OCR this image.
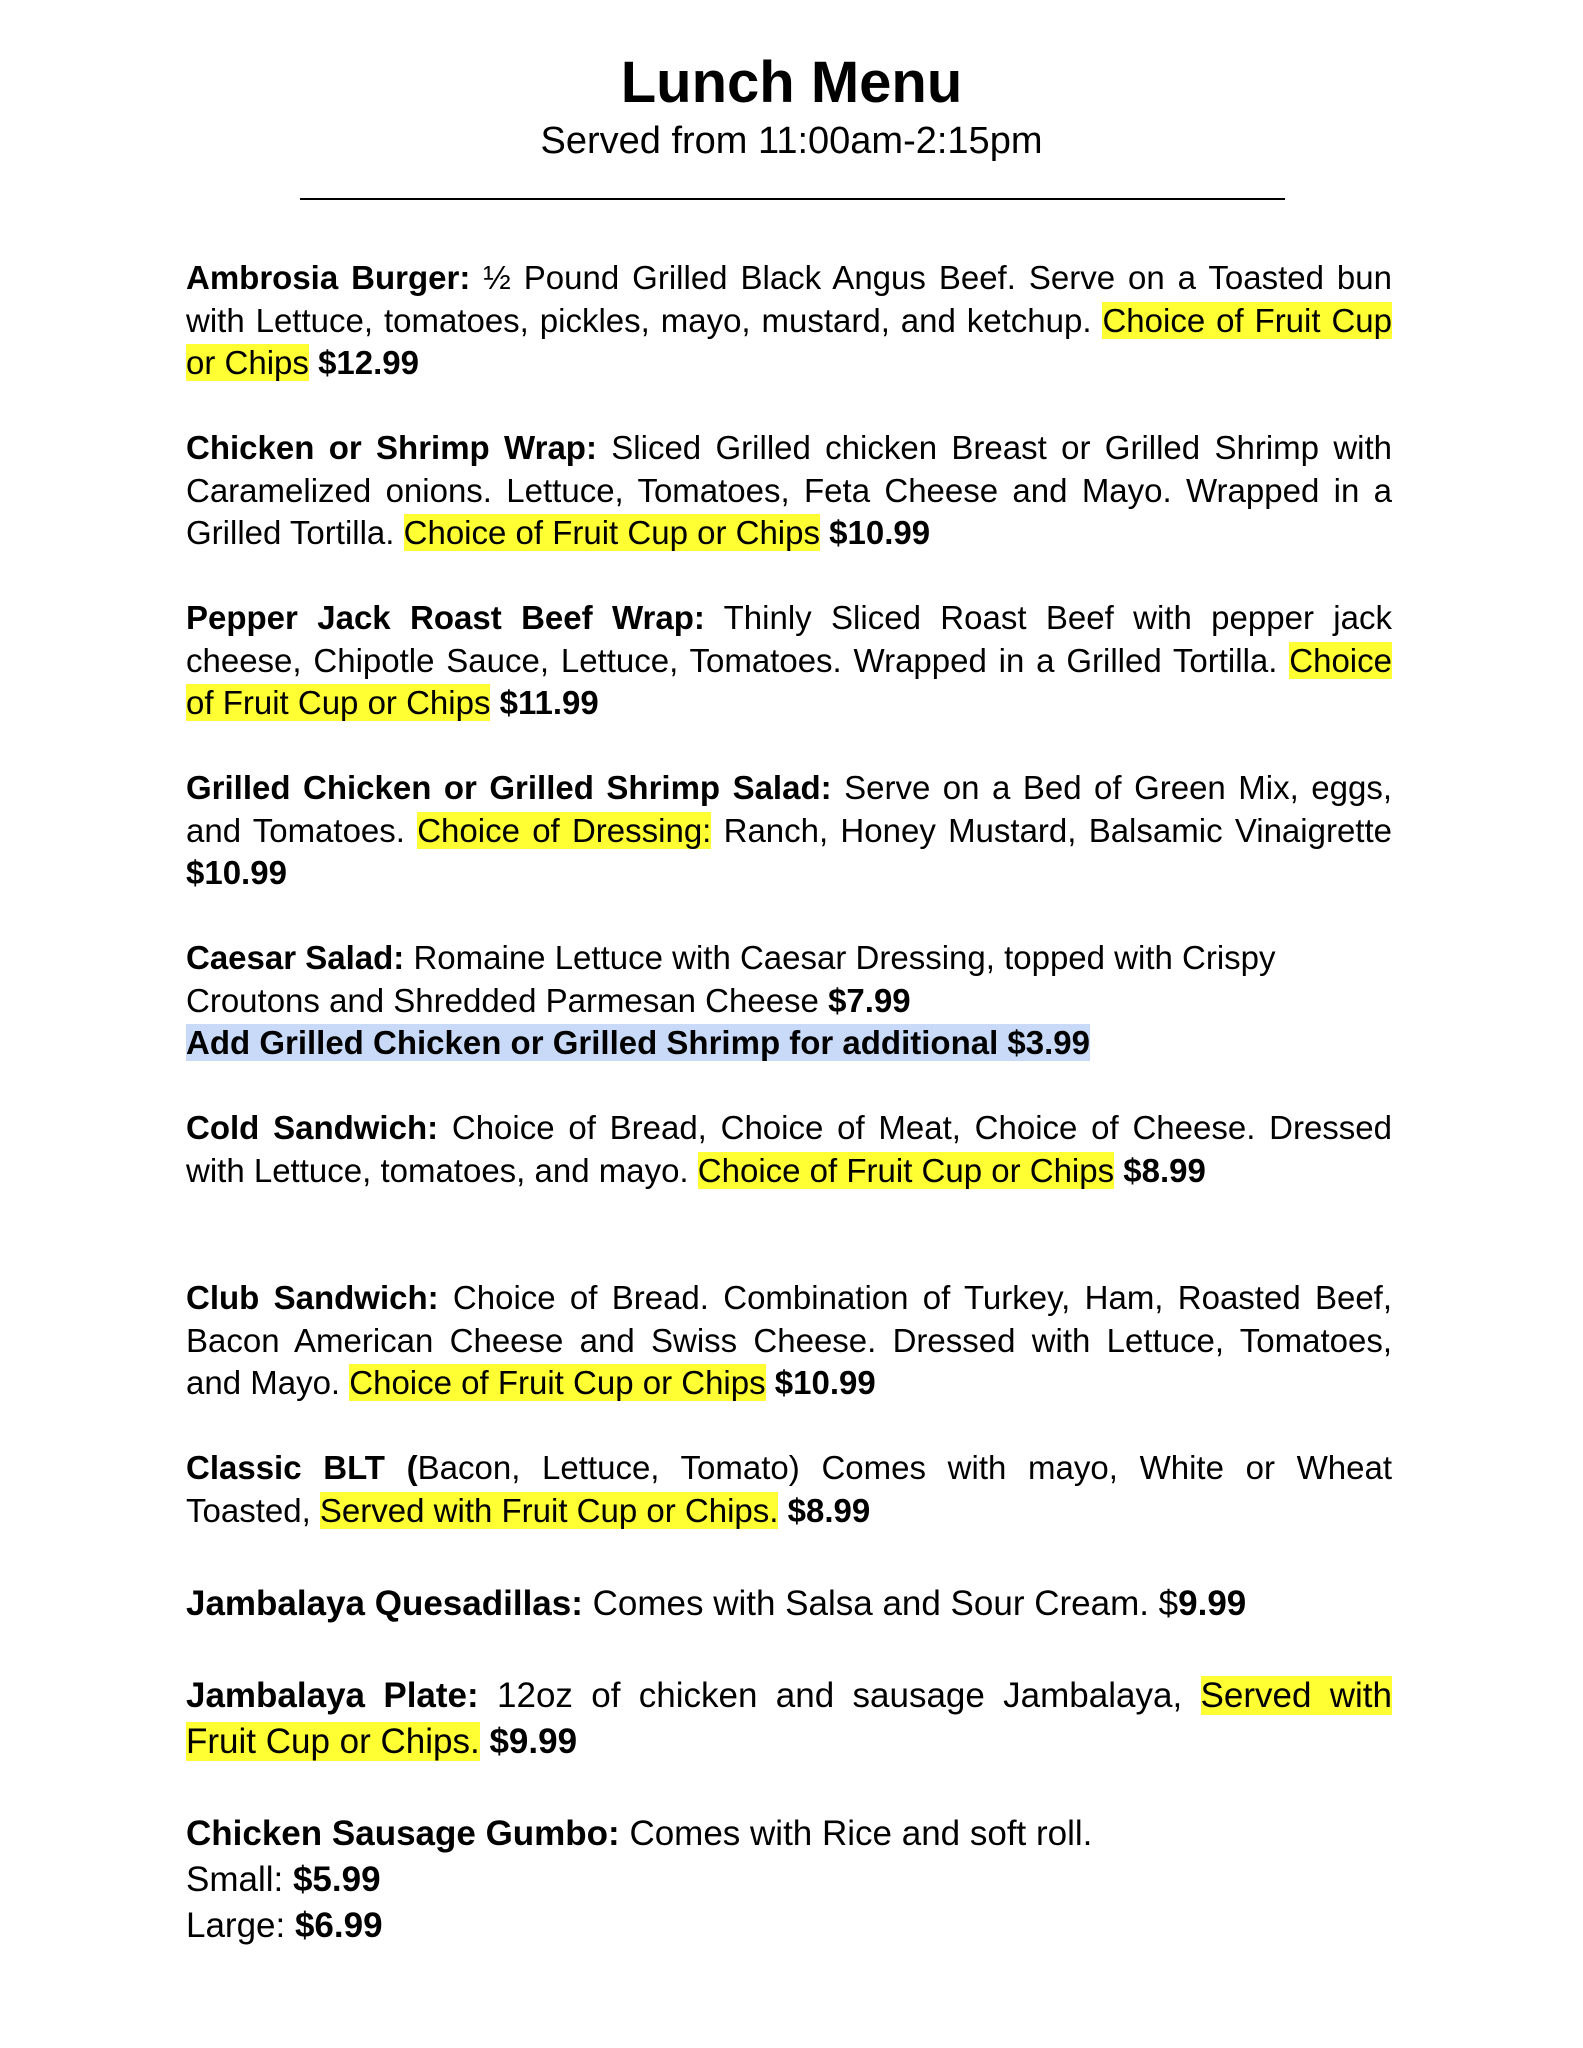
Lunch Menu
Served from 11:00am-2:15pm
Ambrosia Burger: ½ Pound Grilled Black Angus Beef. Serve on a Toasted bun with Lettuce, tomatoes, pickles, mayo, mustard, and ketchup. Choice of Fruit Cup or Chips $12.99
Chicken or Shrimp Wrap: Sliced Grilled chicken Breast or Grilled Shrimp with Caramelized onions. Lettuce, Tomatoes, Feta Cheese and Mayo. Wrapped in a Grilled Tortilla. Choice of Fruit Cup or Chips $10.99
Pepper Jack Roast Beef Wrap: Thinly Sliced Roast Beef with pepper jack cheese, Chipotle Sauce, Lettuce, Tomatoes. Wrapped in a Grilled Tortilla. Choice of Fruit Cup or Chips $11.99
Grilled Chicken or Grilled Shrimp Salad: Serve on a Bed of Green Mix, eggs, and Tomatoes. Choice of Dressing: Ranch, Honey Mustard, Balsamic Vinaigrette $10.99
Caesar Salad: Romaine Lettuce with Caesar Dressing, topped with Crispy Croutons and Shredded Parmesan Cheese $7.99
Add Grilled Chicken or Grilled Shrimp for additional $3.99
Cold Sandwich: Choice of Bread, Choice of Meat, Choice of Cheese. Dressed with Lettuce, tomatoes, and mayo. Choice of Fruit Cup or Chips $8.99
Club Sandwich: Choice of Bread. Combination of Turkey, Ham, Roasted Beef, Bacon American Cheese and Swiss Cheese. Dressed with Lettuce, Tomatoes, and Mayo. Choice of Fruit Cup or Chips $10.99
Classic BLT (Bacon, Lettuce, Tomato) Comes with mayo, White or Wheat Toasted, Served with Fruit Cup or Chips. $8.99
Jambalaya Quesadillas: Comes with Salsa and Sour Cream. $9.99
Jambalaya Plate: 12oz of chicken and sausage Jambalaya, Served with Fruit Cup or Chips. $9.99
Chicken Sausage Gumbo: Comes with Rice and soft roll.
Small: $5.99
Large: $6.99
